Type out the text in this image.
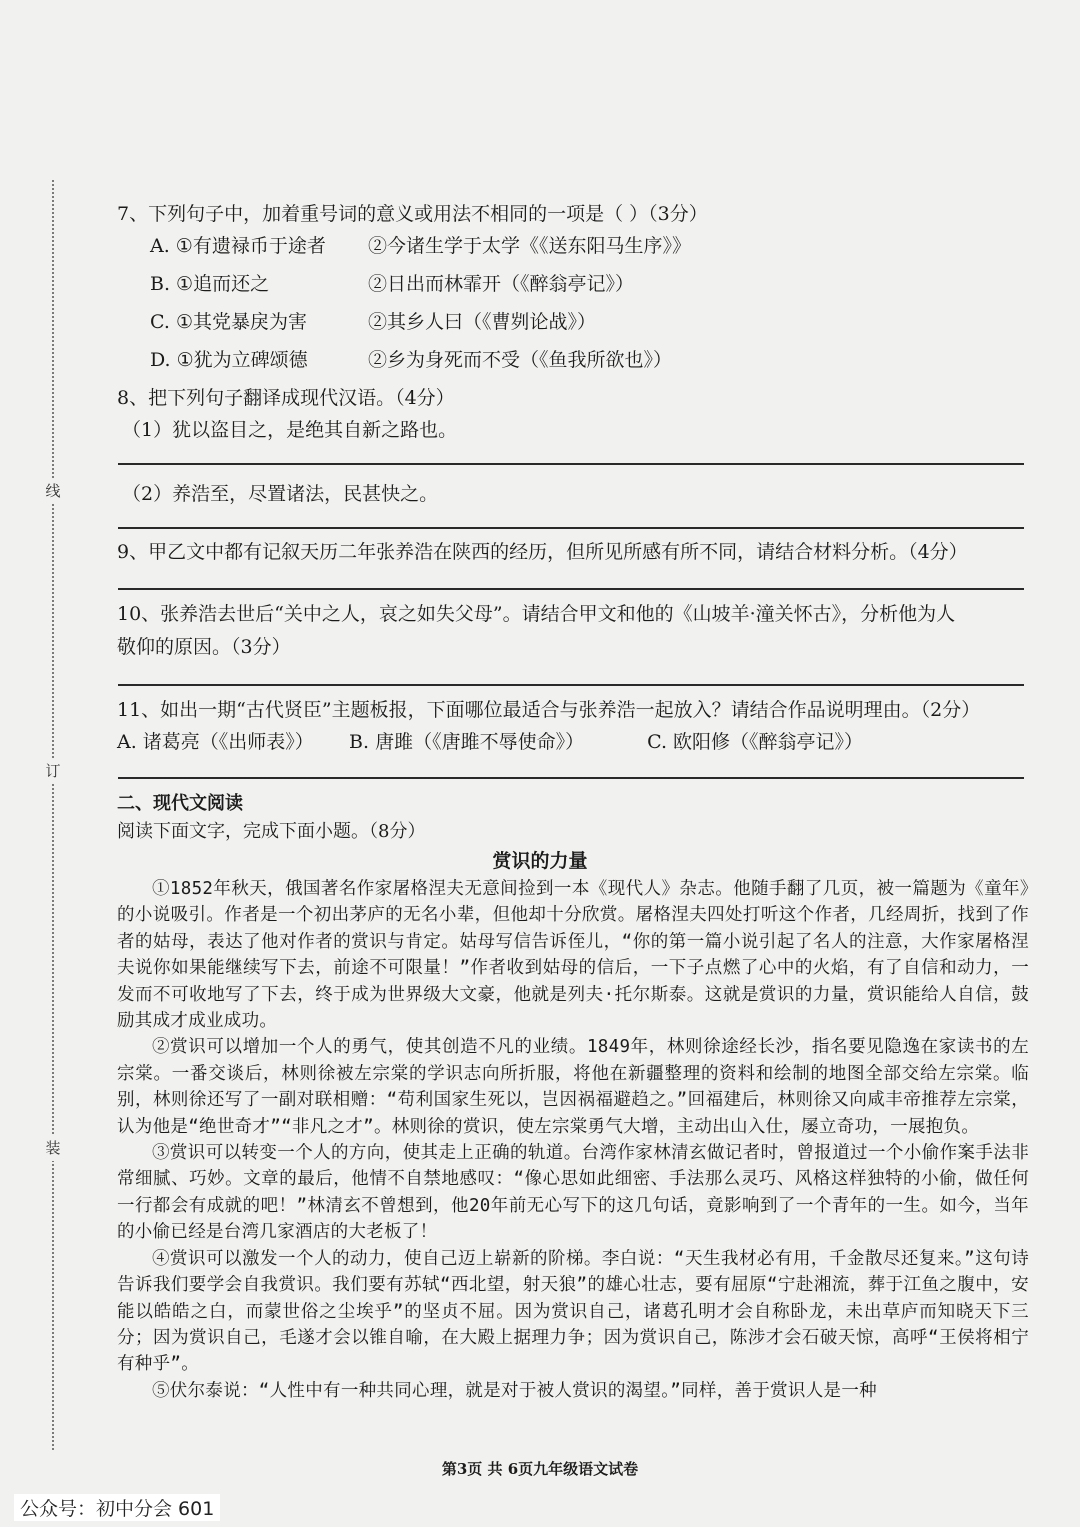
线
订
装
7、下列句子中，加着重号词的意义或用法不相同的一项是（ ）（3分）
A. ①有遗䘵币于途者 ②今诸生学于太学《《送东阳马生序》》
B. ①追而还之	②日出而林霏开（《醉翁亭记》）
C. ①其党暴戾为害	②其乡人曰（《曹刿论战》）
D. ①犹为立碑颂德	②乡为身死而不受（《鱼我所欲也》）
8、把下列句子翻译成现代汉语。（4分）
（1）犹以盗目之，是绝其自新之路也。
（2）养浩至，尽置诸法，民甚快之。
9、甲乙文中都有记叙天历二年张养浩在陕西的经历，但所见所感有所不同，请结合材料分析。（4分）
10、张养浩去世后“关中之人，哀之如失父母”。请结合甲文和他的《山坡羊·潼关怀古》，分析他为人
敬仰的原因。（3分）
11、如出一期“古代贤臣”主题板报，下面哪位最适合与张养浩一起放入？请结合作品说明理由。（2分）
A. 诸葛亮（《出师表》） B. 唐雎（《唐雎不辱使命》）	C. 欧阳修（《醉翁亭记》）
二、现代文阅读
阅读下面文字，完成下面小题。（8分）
赏识的力量

①1852年秋天，俄国著名作家屠格涅夫无意间捡到一本《现代人》杂志。他随手翻了几页，被一篇题为《童年》的小说吸引。作者是一个初出茅庐的无名小辈，但他却十分欣赏。屠格涅夫四处打听这个作者，几经周折，找到了作者的姑母，表达了他对作者的赏识与肯定。姑母写信告诉侄儿，“你的第一篇小说引起了名人的注意，大作家屠格涅夫说你如果能继续写下去，前途不可限量！”作者收到姑母的信后，一下子点燃了心中的火焰，有了自信和动力，一发而不可收地写了下去，终于成为世界级大文豪，他就是列夫·托尔斯泰。这就是赏识的力量，赏识能给人自信，鼓励其成才成业成功。

②赏识可以增加一个人的勇气，使其创造不凡的业绩。1849年，林则徐途经长沙，指名要见隐逸在家读书的左宗棠。一番交谈后，林则徐被左宗棠的学识志向所折服，将他在新疆整理的资料和绘制的地图全部交给左宗棠。临别，林则徐还写了一副对联相赠：“苟利国家生死以，岂因祸福避趋之。”回福建后，林则徐又向咸丰帝推荐左宗棠，认为他是“绝世奇才”“非凡之才”。林则徐的赏识，使左宗棠勇气大增，主动出山入仕，屡立奇功，一展抱负。

③赏识可以转变一个人的方向，使其走上正确的轨道。台湾作家林清玄做记者时，曾报道过一个小偷作案手法非常细腻、巧妙。文章的最后，他情不自禁地感叹：“像心思如此细密、手法那么灵巧、风格这样独特的小偷，做任何一行都会有成就的吧！”林清玄不曾想到，他20年前无心写下的这几句话，竟影响到了一个青年的一生。如今，当年的小偷已经是台湾几家酒店的大老板了！

④赏识可以激发一个人的动力，使自己迈上崭新的阶梯。李白说：“天生我材必有用，千金散尽还复来。”这句诗告诉我们要学会自我赏识。我们要有苏轼“西北望，射天狼”的雄心壮志，要有屈原“宁赴湘流，葬于江鱼之腹中，安能以皓皓之白，而蒙世俗之尘埃乎”的坚贞不屈。因为赏识自己，诸葛孔明才会自称卧龙，未出草庐而知晓天下三分；因为赏识自己，毛遂才会以锥自喻，在大殿上据理力争；因为赏识自己，陈涉才会石破天惊，高呼“王侯将相宁有种乎”。

⑤伏尔泰说：“人性中有一种共同心理，就是对于被人赏识的渴望。”同样，善于赏识人是一种

第3页 共 6页九年级语文试卷
公众号：初中分会 601
